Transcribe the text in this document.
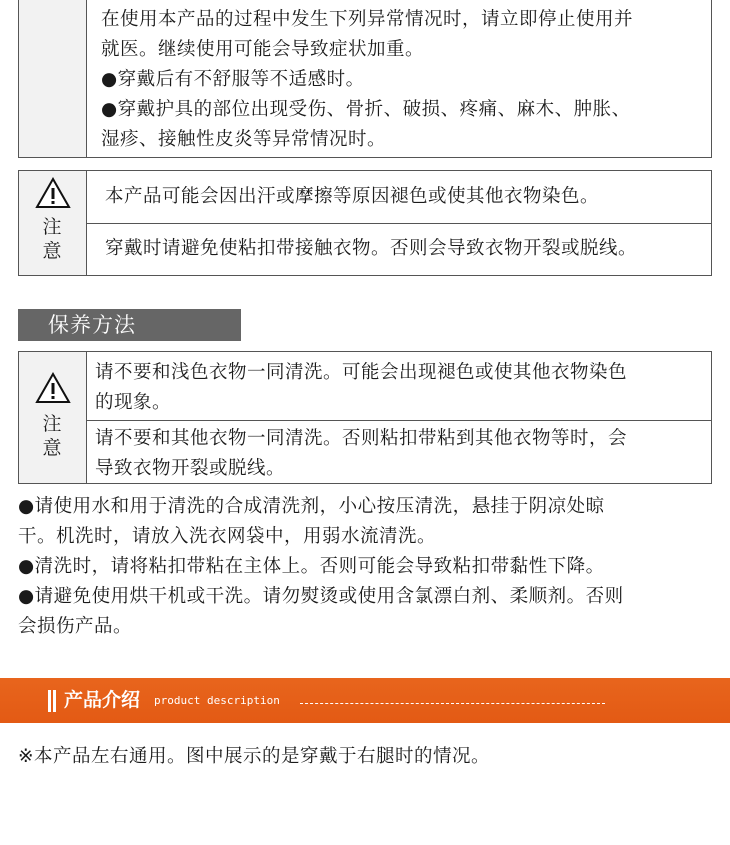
在使用本产品的过程中发生下列异常情况时，请立即停止使用并
就医。继续使用可能会导致症状加重。
●穿戴后有不舒服等不适感时。
●穿戴护具的部位出现受伤、骨折、破损、疼痛、麻木、肿胀、
湿疹、接触性皮炎等异常情况时。
注
意
本产品可能会因出汗或摩擦等原因褪色或使其他衣物染色。
穿戴时请避免使粘扣带接触衣物。否则会导致衣物开裂或脱线。
保养方法
注
意
请不要和浅色衣物一同清洗。可能会出现褪色或使其他衣物染色
的现象。
请不要和其他衣物一同清洗。否则粘扣带粘到其他衣物等时，会
导致衣物开裂或脱线。
●请使用水和用于清洗的合成清洗剂，小心按压清洗，悬挂于阴凉处晾
干。机洗时，请放入洗衣网袋中，用弱水流清洗。
●清洗时，请将粘扣带粘在主体上。否则可能会导致粘扣带黏性下降。
●请避免使用烘干机或干洗。请勿熨烫或使用含氯漂白剂、柔顺剂。否则
会损伤产品。
产品介绍 product description
※本产品左右通用。图中展示的是穿戴于右腿时的情况。
